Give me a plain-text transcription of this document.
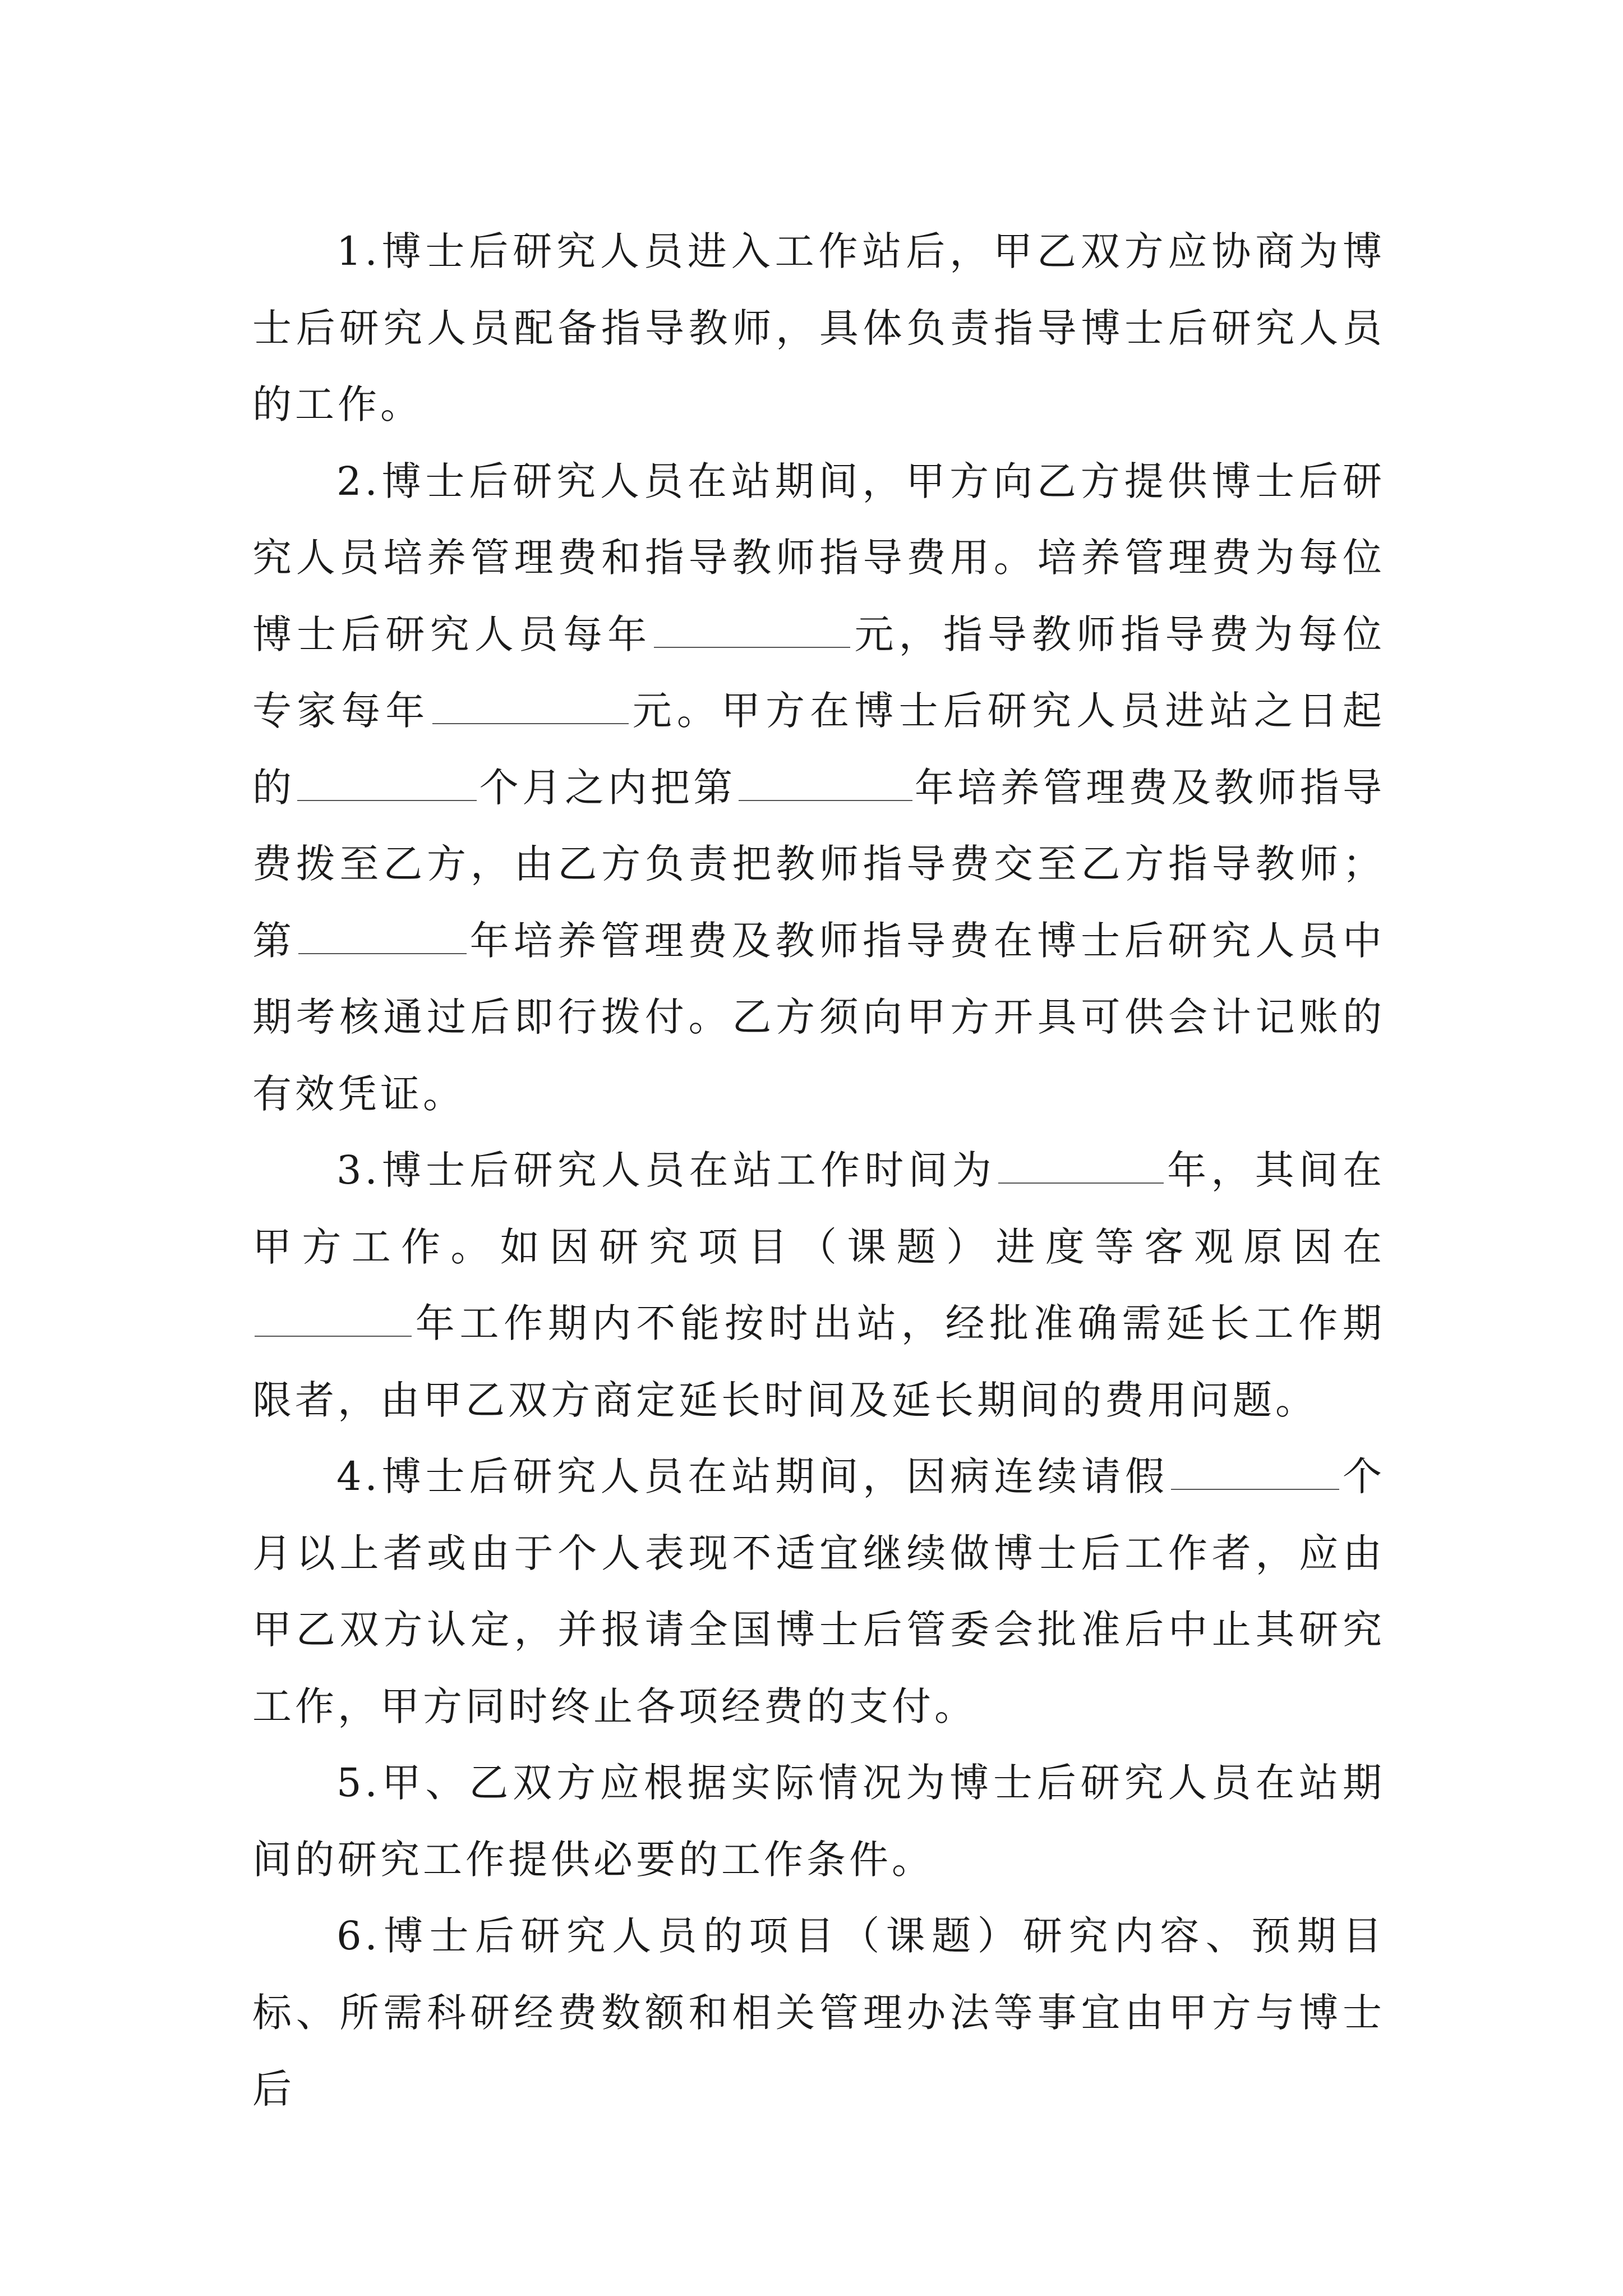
1.博士后研究人员进入工作站后，甲乙双方应协商为博士后研究人员配备指导教师，具体负责指导博士后研究人员的工作。

2.博士后研究人员在站期间，甲方向乙方提供博士后研究人员培养管理费和指导教师指导费用。培养管理费为每位博士后研究人员每年	元，指导教师指导费为每位专家每年	元。甲方在博士后研究人员进站之日起的	个月之内把第	年培养管理费及教师指导费拨至乙方，由乙方负责把教师指导费交至乙方指导教师；第	年培养管理费及教师指导费在博士后研究人员中期考核通过后即行拨付。乙方须向甲方开具可供会计记账的有效凭证。

3.博士后研究人员在站工作时间为	年，其间在甲方工作。如因研究项目（课题）进度等客观原因在年工作期内不能按时出站，经批准确需延长工作期限者，由甲乙双方商定延长时间及延长期间的费用问题。

4.博士后研究人员在站期间，因病连续请假	个月以上者或由于个人表现不适宜继续做博士后工作者，应由甲乙双方认定，并报请全国博士后管委会批准后中止其研究工作，甲方同时终止各项经费的支付。

5.甲、乙双方应根据实际情况为博士后研究人员在站期间的研究工作提供必要的工作条件。

6.博士后研究人员的项目（课题）研究内容、预期目标、所需科研经费数额和相关管理办法等事宜由甲方与博士后
